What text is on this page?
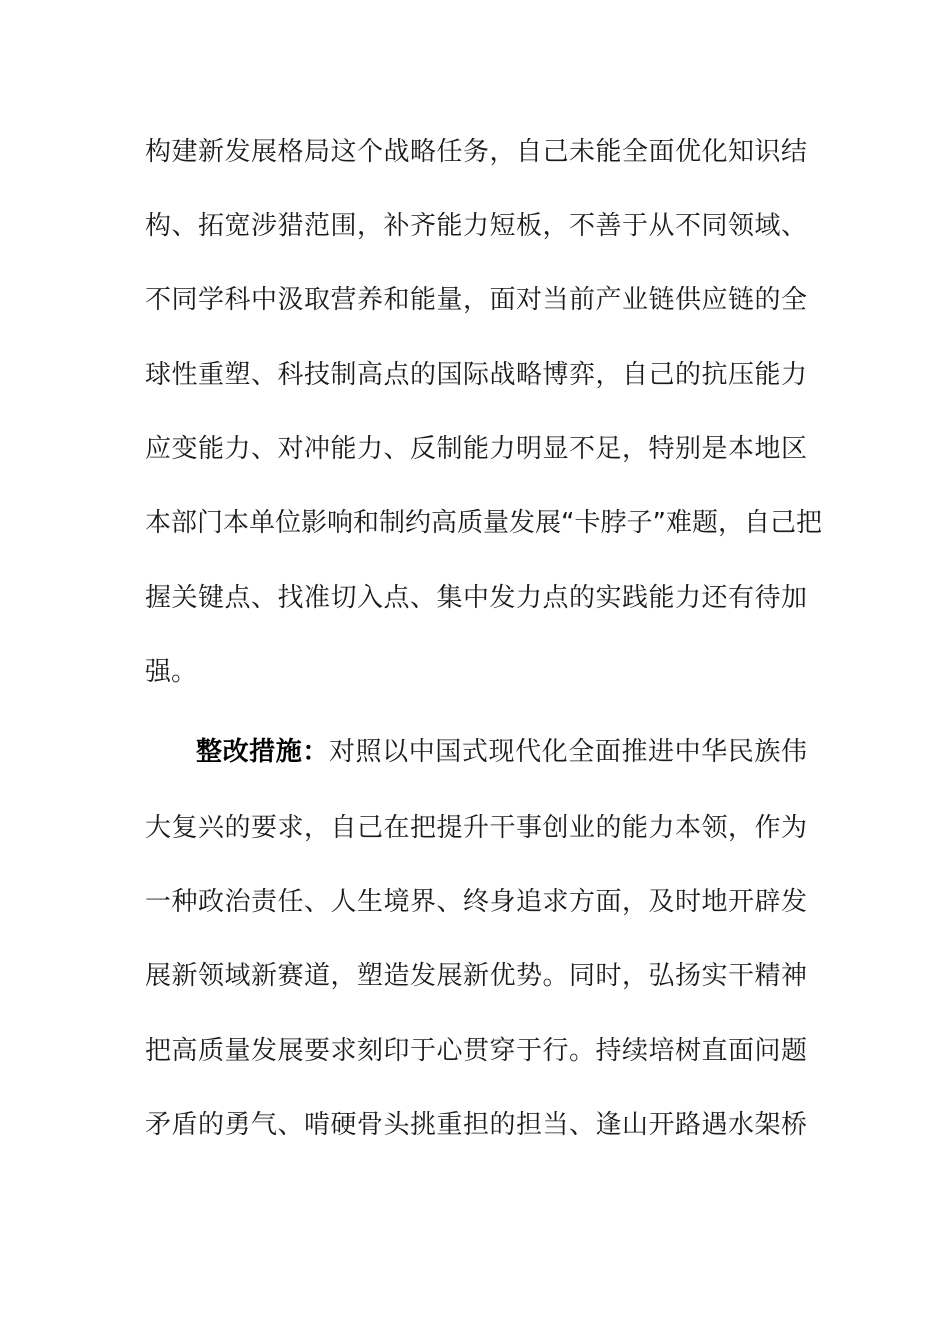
构建新发展格局这个战略任务，自己未能全面优化知识结
构、拓宽涉猎范围，补齐能力短板，不善于从不同领域、
不同学科中汲取营养和能量，面对当前产业链供应链的全
球性重塑、科技制高点的国际战略博弈，自己的抗压能力
应变能力、对冲能力、反制能力明显不足，特别是本地区
本部门本单位影响和制约高质量发展“卡脖子”难题，自己把
握关键点、找准切入点、集中发力点的实践能力还有待加
强。
整改措施：对照以中国式现代化全面推进中华民族伟
大复兴的要求，自己在把提升干事创业的能力本领，作为
一种政治责任、人生境界、终身追求方面，及时地开辟发
展新领域新赛道，塑造发展新优势。同时，弘扬实干精神
把高质量发展要求刻印于心贯穿于行。持续培树直面问题
矛盾的勇气、啃硬骨头挑重担的担当、逢山开路遇水架桥
